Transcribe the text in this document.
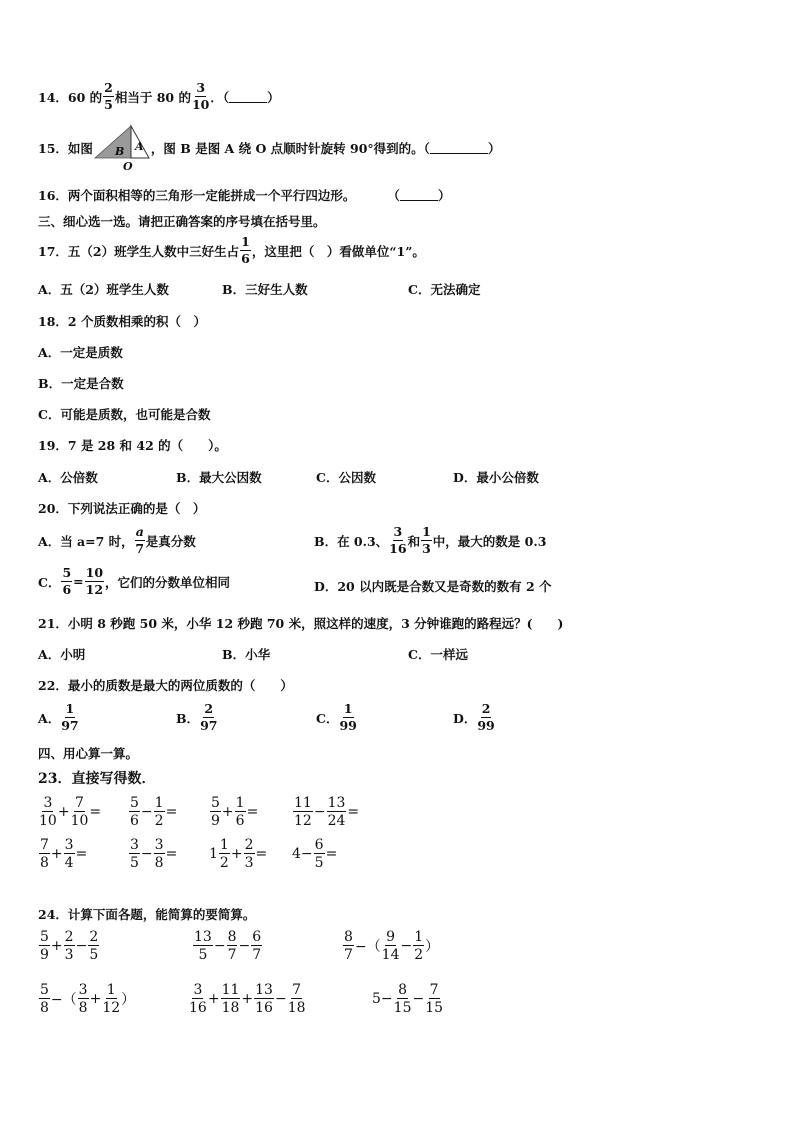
14． 60 的 $\frac{2}{5}$ 相当于 80 的 $\frac{3}{10}$ ．（	）
15． 如图 B A
O
，图 B 是图 A 绕 O 点顺时针旋转 90°得到的。（	）
16． 两个面积相等的三角形一定能拼成一个平行四边形。	（	）
三、细心选一选。请把正确答案的序号填在括号里。
17． 五（2）班学生人数中三好生占 $\frac{1}{6}$ ，这里把（　）看做单位“1”。
A．五（2）班学生人数	B．三好生人数	C．无法确定
18．2 个质数相乘的积（　）
A．一定是质数
B．一定是合数
C．可能是质数，也可能是合数
19．7 是 28 和 42 的（　　）。
A．公倍数	B．最大公因数	C．公因数	D．最小公倍数
20．下列说法正确的是（　）
A．当 a=7 时， $\frac{a}{7}$ 是真分数	B．在 0.3、 $\frac{3}{16}$ 和 $\frac{1}{3}$ 中，最大的数是 0.3
C． $\frac{5}{6} = \frac{10}{12}$ ，它们的分数单位相同	D．20 以内既是合数又是奇数的数有 2 个
21．小明 8 秒跑 50 米，小华 12 秒跑 70 米，照这样的速度，3 分钟谁跑的路程远？(　　)
A．小明	B．小华	C．一样远
22．最小的质数是最大的两位质数的（　　）
A． $\frac{1}{97}$	B． $\frac{2}{97}$	C． $\frac{1}{99}$	D． $\frac{2}{99}$
四、用心算一算。
23．直接写得数．
$\frac{3}{10} + \frac{7}{10} = \frac{5}{6} - \frac{1}{2} = \frac{5}{9} + \frac{1}{6} = \frac{11}{12} - \frac{13}{24}$ =
$\frac{7}{8} + \frac{3}{4}$ =	$\frac{3}{5} - \frac{3}{8} = 1 \frac{1}{2} + \frac{2}{3} = 4 - \frac{6}{5}$ =
24．计算下面各题，能简算的要简算。
$\frac{5}{9} + \frac{2}{3} - \frac{2}{5}$	$\frac{13}{5} - \frac{8}{7} - \frac{6}{7}$	$\frac{8}{7}$ −（ $\frac{9}{14} - \frac{1}{2}$ ）
$\frac{5}{8}$ −（ $\frac{3}{8} + \frac{1}{12}$ ）	$\frac{3}{16} + \frac{11}{18} + \frac{13}{16} - \frac{7}{18}$	$5 - \frac{8}{15} - \frac{7}{15}$
